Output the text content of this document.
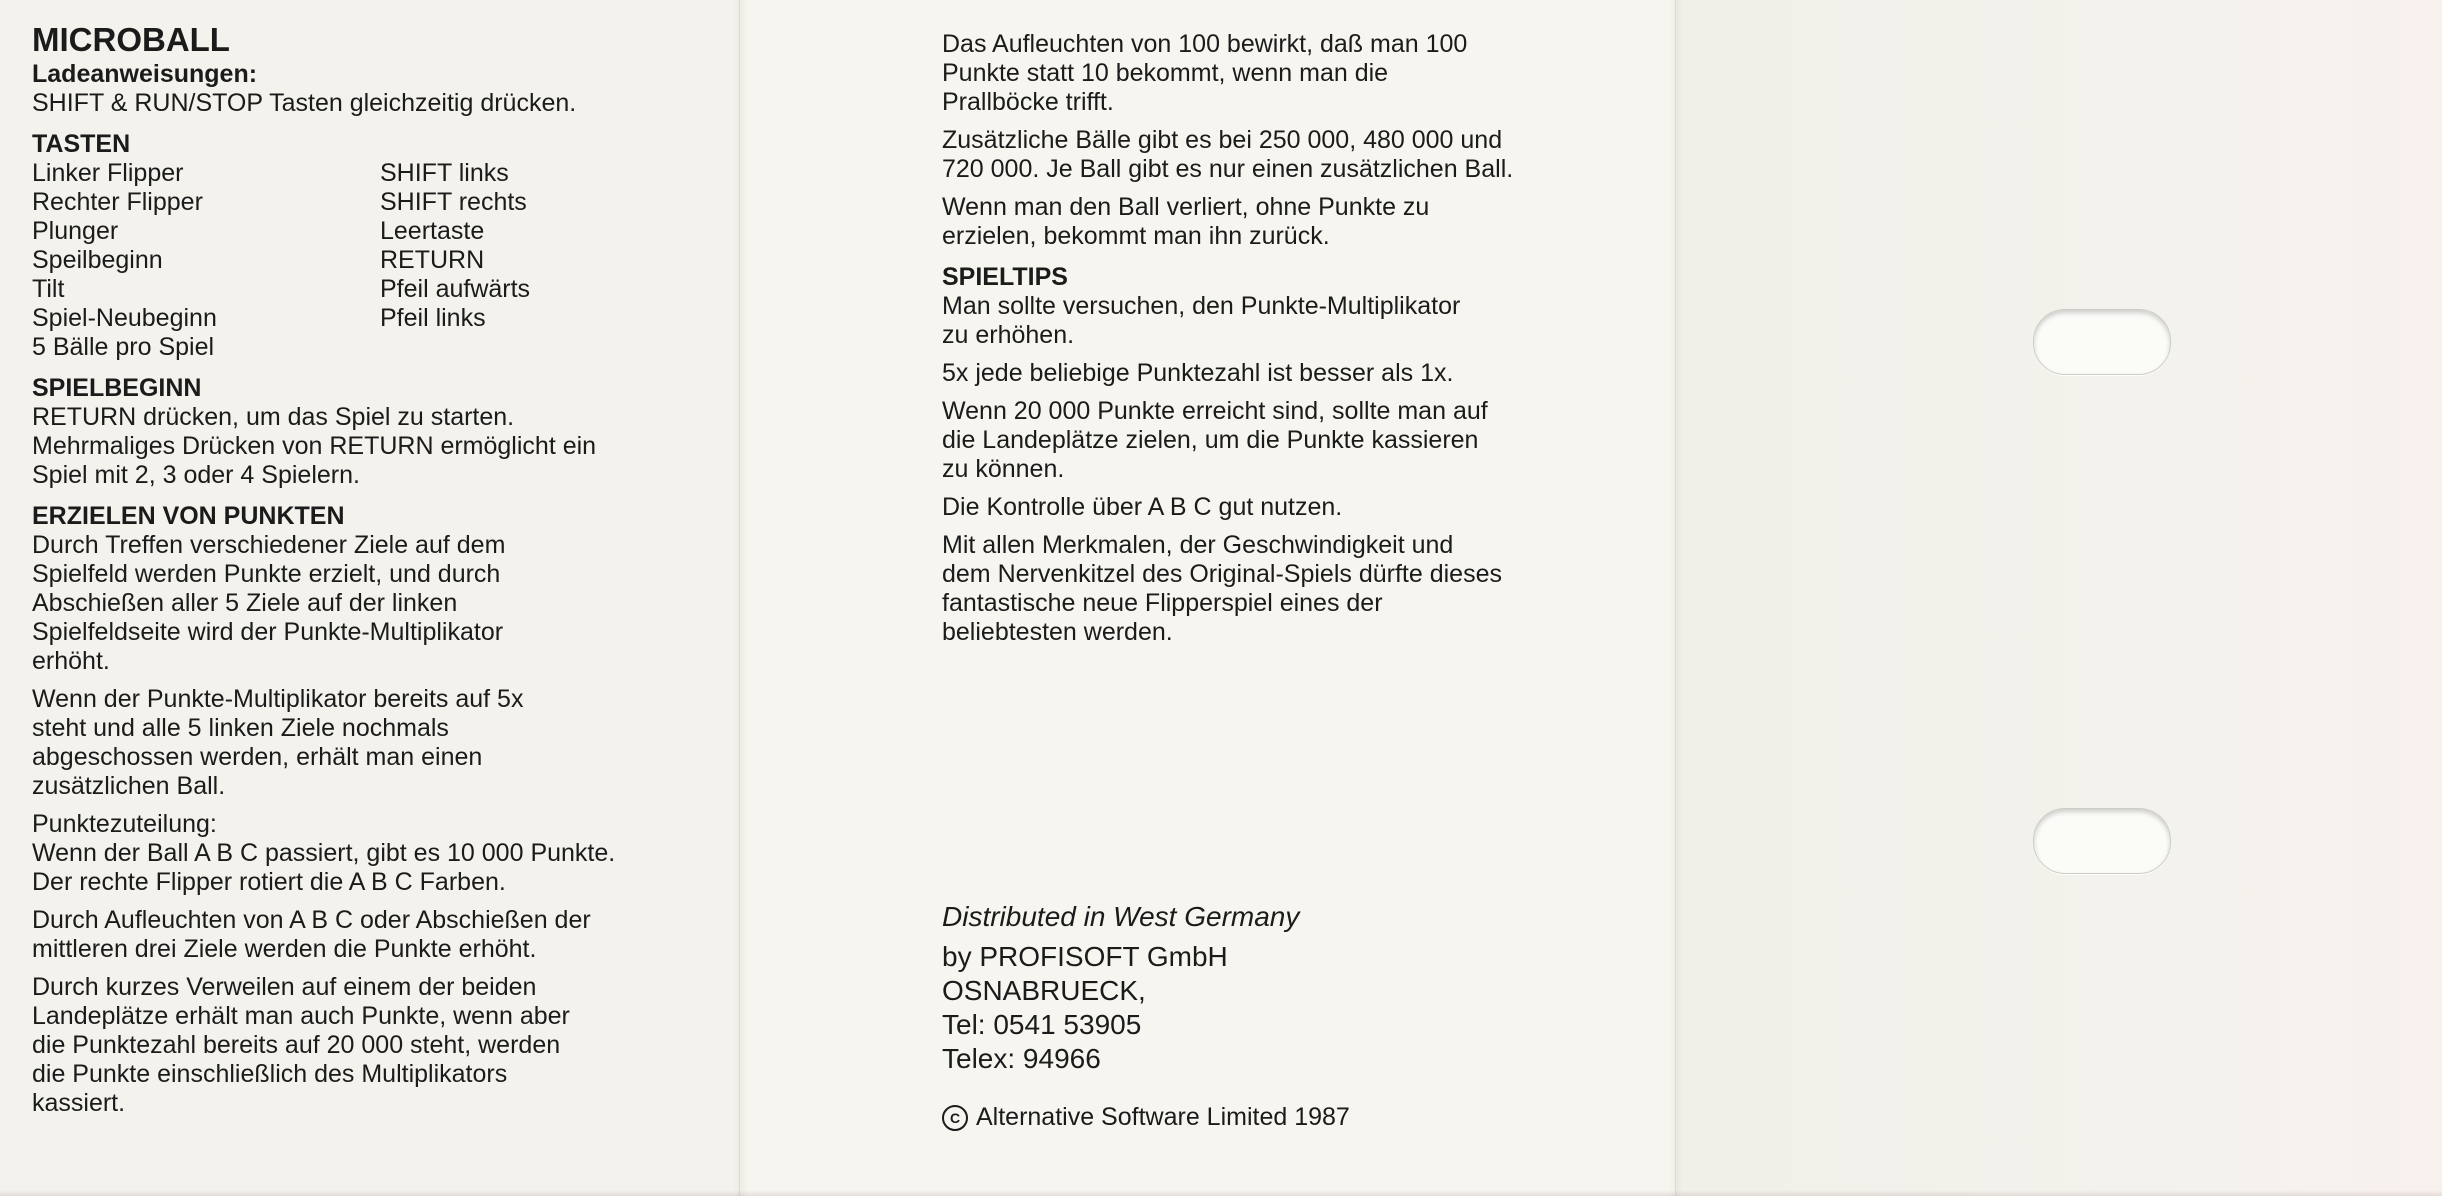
MICROBALL
Ladeanweisungen:
SHIFT & RUN/STOP Tasten gleichzeitig drücken.
TASTEN
Linker Flipper	SHIFT links
Rechter Flipper	SHIFT rechts
Plunger	Leertaste
Speilbeginn	RETURN
Tilt	Pfeil aufwärts
Spiel-Neubeginn	Pfeil links
5 Bälle pro Spiel
SPIELBEGINN
RETURN drücken, um das Spiel zu starten.
Mehrmaliges Drücken von RETURN ermöglicht ein
Spiel mit 2, 3 oder 4 Spielern.
ERZIELEN VON PUNKTEN
Durch Treffen verschiedener Ziele auf dem
Spielfeld werden Punkte erzielt, und durch
Abschießen aller 5 Ziele auf der linken
Spielfeldseite wird der Punkte-Multiplikator
erhöht.
Wenn der Punkte-Multiplikator bereits auf 5x
steht und alle 5 linken Ziele nochmals
abgeschossen werden, erhält man einen
zusätzlichen Ball.
Punktezuteilung:
Wenn der Ball A B C passiert, gibt es 10 000 Punkte.
Der rechte Flipper rotiert die A B C Farben.
Durch Aufleuchten von A B C oder Abschießen der
mittleren drei Ziele werden die Punkte erhöht.
Durch kurzes Verweilen auf einem der beiden
Landeplätze erhält man auch Punkte, wenn aber
die Punktezahl bereits auf 20 000 steht, werden
die Punkte einschließlich des Multiplikators
kassiert.
Das Aufleuchten von 100 bewirkt, daß man 100
Punkte statt 10 bekommt, wenn man die
Prallböcke trifft.
Zusätzliche Bälle gibt es bei 250 000, 480 000 und
720 000. Je Ball gibt es nur einen zusätzlichen Ball.
Wenn man den Ball verliert, ohne Punkte zu
erzielen, bekommt man ihn zurück.
SPIELTIPS
Man sollte versuchen, den Punkte-Multiplikator
zu erhöhen.
5x jede beliebige Punktezahl ist besser als 1x.
Wenn 20 000 Punkte erreicht sind, sollte man auf
die Landeplätze zielen, um die Punkte kassieren
zu können.
Die Kontrolle über A B C gut nutzen.
Mit allen Merkmalen, der Geschwindigkeit und
dem Nervenkitzel des Original-Spiels dürfte dieses
fantastische neue Flipperspiel eines der
beliebtesten werden.
Distributed in West Germany
by PROFISOFT GmbH
OSNABRUECK,
Tel: 0541 53905
Telex: 94966
C Alternative Software Limited 1987
